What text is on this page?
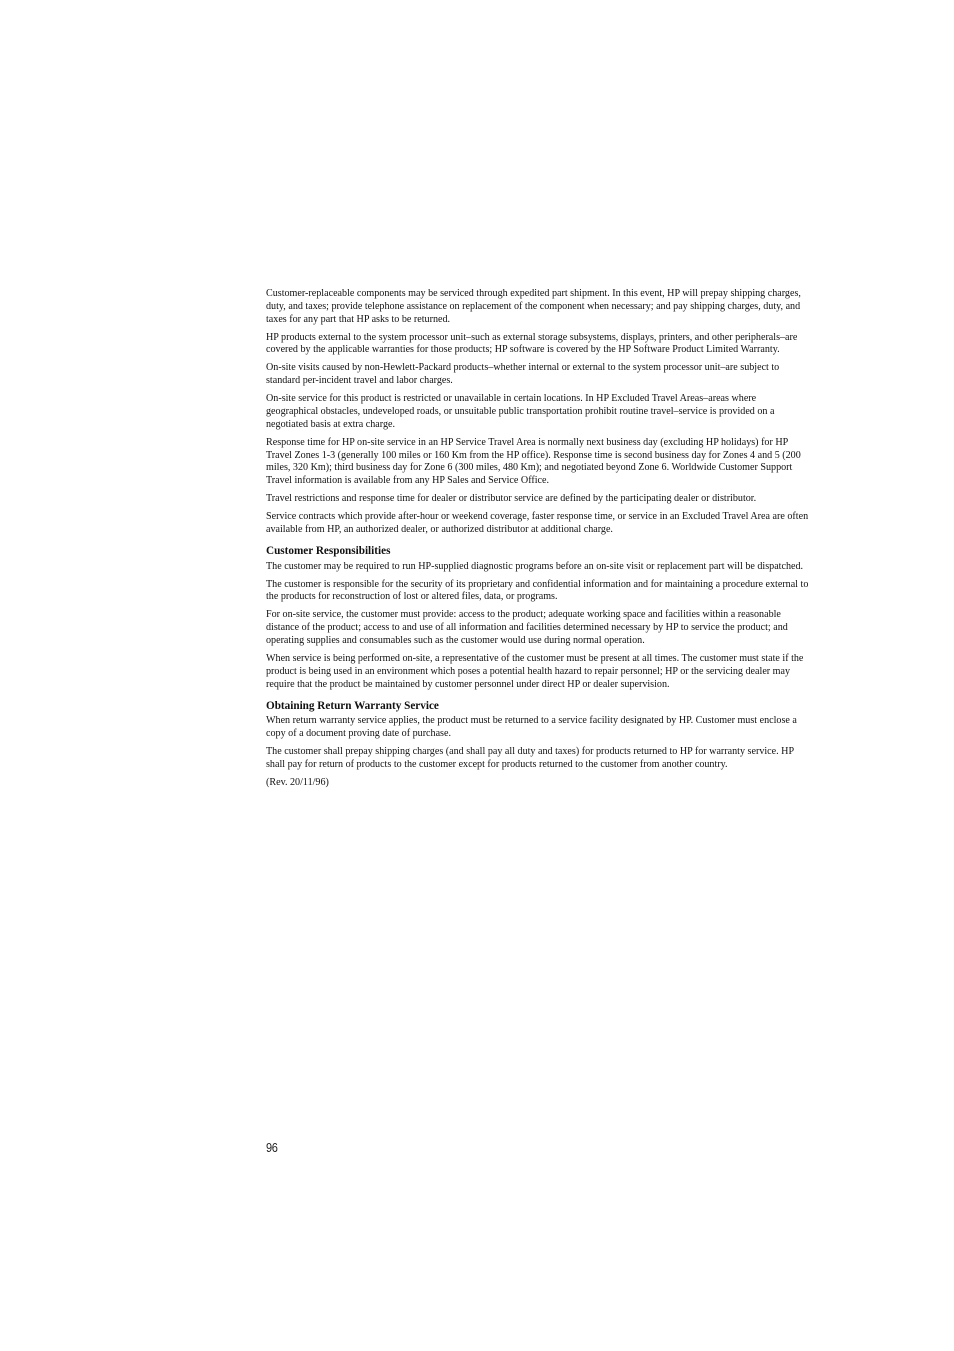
Customer-replaceable components may be serviced through expedited part shipment. In this event, HP will prepay shipping charges, duty, and taxes; provide telephone assistance on replacement of the component when necessary; and pay shipping charges, duty, and taxes for any part that HP asks to be returned.

HP products external to the system processor unit–such as external storage subsystems, displays, printers, and other peripherals–are covered by the applicable warranties for those products; HP software is covered by the HP Software Product Limited Warranty.

On-site visits caused by non-Hewlett-Packard products–whether internal or external to the system processor unit–are subject to standard per-incident travel and labor charges.

On-site service for this product is restricted or unavailable in certain locations. In HP Excluded Travel Areas–areas where geographical obstacles, undeveloped roads, or unsuitable public transportation prohibit routine travel–service is provided on a negotiated basis at extra charge.

Response time for HP on-site service in an HP Service Travel Area is normally next business day (excluding HP holidays) for HP Travel Zones 1-3 (generally 100 miles or 160 Km from the HP office). Response time is second business day for Zones 4 and 5 (200 miles, 320 Km); third business day for Zone 6 (300 miles, 480 Km); and negotiated beyond Zone 6. Worldwide Customer Support Travel information is available from any HP Sales and Service Office.

Travel restrictions and response time for dealer or distributor service are defined by the participating dealer or distributor.

Service contracts which provide after-hour or weekend coverage, faster response time, or service in an Excluded Travel Area are often available from HP, an authorized dealer, or authorized distributor at additional charge.

Customer Responsibilities

The customer may be required to run HP-supplied diagnostic programs before an on-site visit or replacement part will be dispatched.

The customer is responsible for the security of its proprietary and confidential information and for maintaining a procedure external to the products for reconstruction of lost or altered files, data, or programs.

For on-site service, the customer must provide: access to the product; adequate working space and facilities within a reasonable distance of the product; access to and use of all information and facilities determined necessary by HP to service the product; and operating supplies and consumables such as the customer would use during normal operation.

When service is being performed on-site, a representative of the customer must be present at all times. The customer must state if the product is being used in an environment which poses a potential health hazard to repair personnel; HP or the servicing dealer may require that the product be maintained by customer personnel under direct HP or dealer supervision.

Obtaining Return Warranty Service

When return warranty service applies, the product must be returned to a service facility designated by HP. Customer must enclose a copy of a document proving date of purchase.

The customer shall prepay shipping charges (and shall pay all duty and taxes) for products returned to HP for warranty service. HP shall pay for return of products to the customer except for products returned to the customer from another country.

(Rev. 20/11/96)

96
